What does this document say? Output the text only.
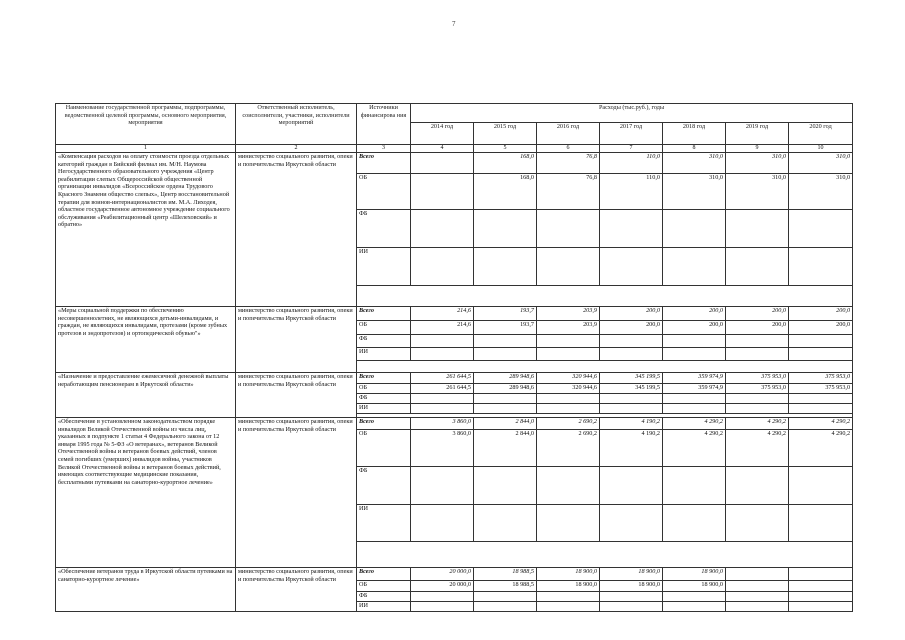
7
Наименование государственной программы, подпрограммы, ведомственной целевой программы, основного мероприятия, мероприятия	Ответственный исполнитель, соисполнители, участники, исполнители мероприятий	Источники финансирова ния	Расходы (тыс.руб.), годы						
			2014 год	2015 год	2016 год	2017 год	2018 год	2019 год	2020 год
1	2	3	4	5	6	7	8	9	10
«Компенсация расходов на оплату стоимости проезда отдельных категорий граждан в Бийский филиал им. М/Н. Наумова Негосударственного образовательного учреждения «Центр реабилитации слепых Общероссийской общественной организации инвалидов «Всероссийское ордена Трудового Красного Знамени общество слепых», Центр восстановительной терапии для воинов-интернационалистов им. М.А. Лиходея, областное государственное автономное учреждение социального обслуживания «Реабилитационный центр «Шелеховский» и обратно»	министерство социального развития, опеки и попечительства Иркутской области	Всего		168,0	76,8	110,0	310,0	310,0	310,0
		ОБ		168,0	76,8	110,0	310,0	310,0	310,0
		ФБ							
		ИИ							

«Меры социальной поддержки по обеспечению несовершеннолетних, не являющихся детьми-инвалидами, и граждан, не являющихся инвалидами, протезами (кроме зубных протезов и эндопротезов) и ортопедической обувью"»	министерство социального развития, опеки и попечительства Иркутской области	Всего	214,6	193,7	203,9	200,0	200,0	200,0	200,0
		ОБ	214,6	193,7	203,9	200,0	200,0	200,0	200,0
		ФБ							
		ИИ							

«Назначение и предоставление ежемесячной денежной выплаты неработающим пенсионерам в Иркутской области»	министерство социального развития, опеки и попечительства Иркутской области	Всего	261 644,5	289 948,6	320 944,6	345 199,5	359 974,9	375 953,0	375 953,0
		ОБ	261 644,5	289 948,6	320 944,6	345 199,5	359 974,9	375 953,0	375 953,0
		ФБ							
		ИИ							

«Обеспечение в установленном законодательством порядке инвалидов Великой Отечественной войны из числа лиц, указанных в подпункте 1 статьи 4 Федерального закона от 12 января 1995 года № 5-ФЗ «О ветеранах», ветеранов Великой Отечественной войны и ветеранов боевых действий, членов семей погибших (умерших) инвалидов войны, участников Великой Отечественной войны и ветеранов боевых действий, имеющих соответствующие медицинские показания, бесплатными путевками на санаторно-курортное лечение»	министерство социального развития, опеки и попечительства Иркутской области	Всего	3 860,0	2 844,0	2 690,2	4 190,2	4 290,2	4 290,2	4 290,2
		ОБ	3 860,0	2 844,0	2 690,2	4 190,2	4 290,2	4 290,2	4 290,2
		ФБ							
		ИИ							

«Обеспечение ветеранов труда в Иркутской области путевками на санаторно-курортное лечение»	министерство социального развития, опеки и попечительства Иркутской области	Всего	20 000,0	18 988,5	18 900,0	18 900,0	18 900,0		
		ОБ	20 000,0	18 988,5	18 900,0	18 900,0	18 900,0		
		ФБ							
		ИИ							
